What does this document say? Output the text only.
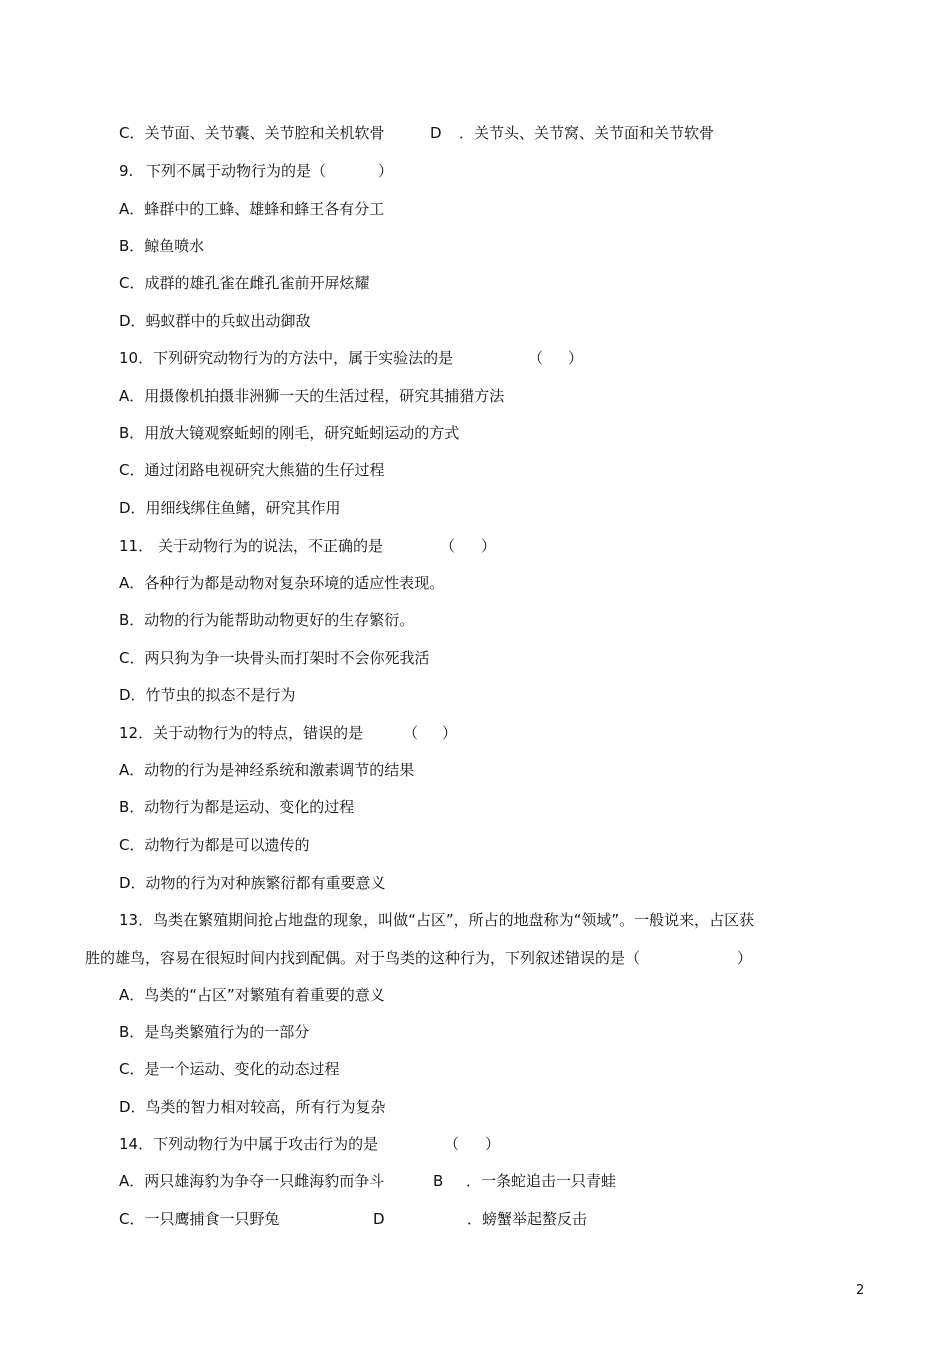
C．关节面、关节囊、关节腔和关机软骨	D ．关节头、关节窝、关节面和关节软骨
9. 下列不属于动物行为的是（	）
A．蜂群中的工蜂、雄蜂和蜂王各有分工
B．鲸鱼喷水
C．成群的雄孔雀在雌孔雀前开屏炫耀
D．蚂蚁群中的兵蚁出动御敌
10．下列研究动物行为的方法中，属于实验法的是	（ ）
A．用摄像机拍摄非洲狮一天的生活过程，研究其捕猎方法
B．用放大镜观察蚯蚓的刚毛，研究蚯蚓运动的方式
C．通过闭路电视研究大熊猫的生仔过程
D．用细线绑住鱼鳍，研究其作用
11． 关于动物行为的说法，不正确的是	（ ）
A．各种行为都是动物对复杂环境的适应性表现。
B．动物的行为能帮助动物更好的生存繁衍。
C．两只狗为争一块骨头而打架时不会你死我活
D．竹节虫的拟态不是行为
12．关于动物行为的特点，错误的是	（ ）
A．动物的行为是神经系统和激素调节的结果
B．动物行为都是运动、变化的过程
C．动物行为都是可以遗传的
D．动物的行为对种族繁衍都有重要意义
13．鸟类在繁殖期间抢占地盘的现象，叫做“占区”，所占的地盘称为“领域”。一般说来，占区获
胜的雄鸟，容易在很短时间内找到配偶。对于鸟类的这种行为，下列叙述错误的是（	）
A．鸟类的“占区”对繁殖有着重要的意义
B．是鸟类繁殖行为的一部分
C．是一个运动、变化的动态过程
D．鸟类的智力相对较高，所有行为复杂
14．下列动物行为中属于攻击行为的是	（ ）
A．两只雄海豹为争夺一只雌海豹而争斗	B ．一条蛇追击一只青蛙
C．一只鹰捕食一只野兔	D	．螃蟹举起螯反击
2
